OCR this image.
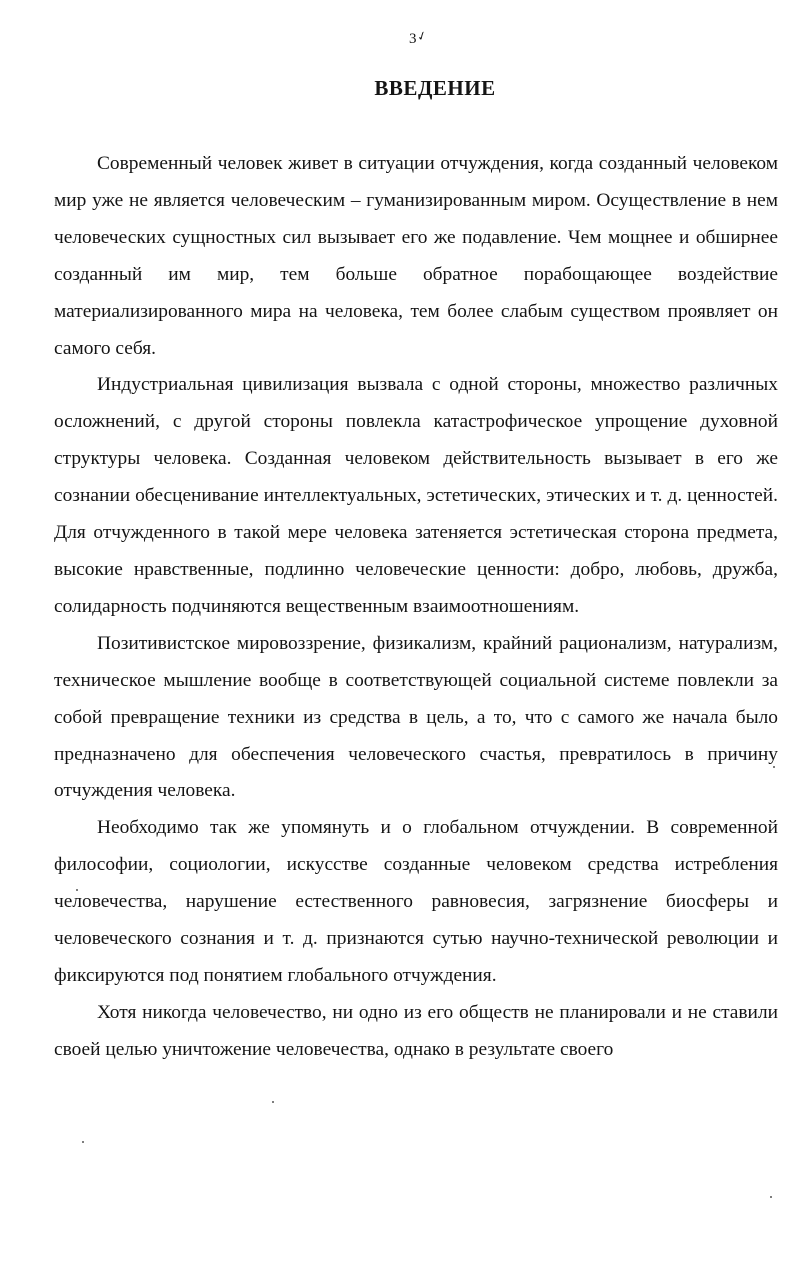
3✓
ВВЕДЕНИЕ

Современный человек живет в ситуации отчуждения, когда созданный человеком мир уже не является человеческим – гуманизированным миром. Осуществление в нем человеческих сущностных сил вызывает его же подавление. Чем мощнее и обширнее созданный им мир, тем больше обратное порабощающее воздействие материализированного мира на человека, тем более слабым существом проявляет он самого себя.

Индустриальная цивилизация вызвала с одной стороны, множество различных осложнений, с другой стороны повлекла катастрофическое упрощение духовной структуры человека. Созданная человеком действительность вызывает в его же сознании обесценивание интеллектуальных, эстетических, этических и т. д. ценностей. Для отчужденного в такой мере человека затеняется эстетическая сторона предмета, высокие нравственные, подлинно человеческие ценности: добро, любовь, дружба, солидарность подчиняются вещественным взаимоотношениям.

Позитивистское мировоззрение, физикализм, крайний рационализм, натурализм, техническое мышление вообще в соответствующей социальной системе повлекли за собой превращение техники из средства в цель, а то, что с самого же начала было предназначено для обеспечения человеческого счастья, превратилось в причину отчуждения человека.

Необходимо так же упомянуть и о глобальном отчуждении. В современной философии, социологии, искусстве созданные человеком средства истребления человечества, нарушение естественного равновесия, загрязнение биосферы и человеческого сознания и т. д. признаются сутью научно-технической революции и фиксируются под понятием глобального отчуждения.

Хотя никогда человечество, ни одно из его обществ не планировали и не ставили своей целью уничтожение человечества, однако в результате своего
